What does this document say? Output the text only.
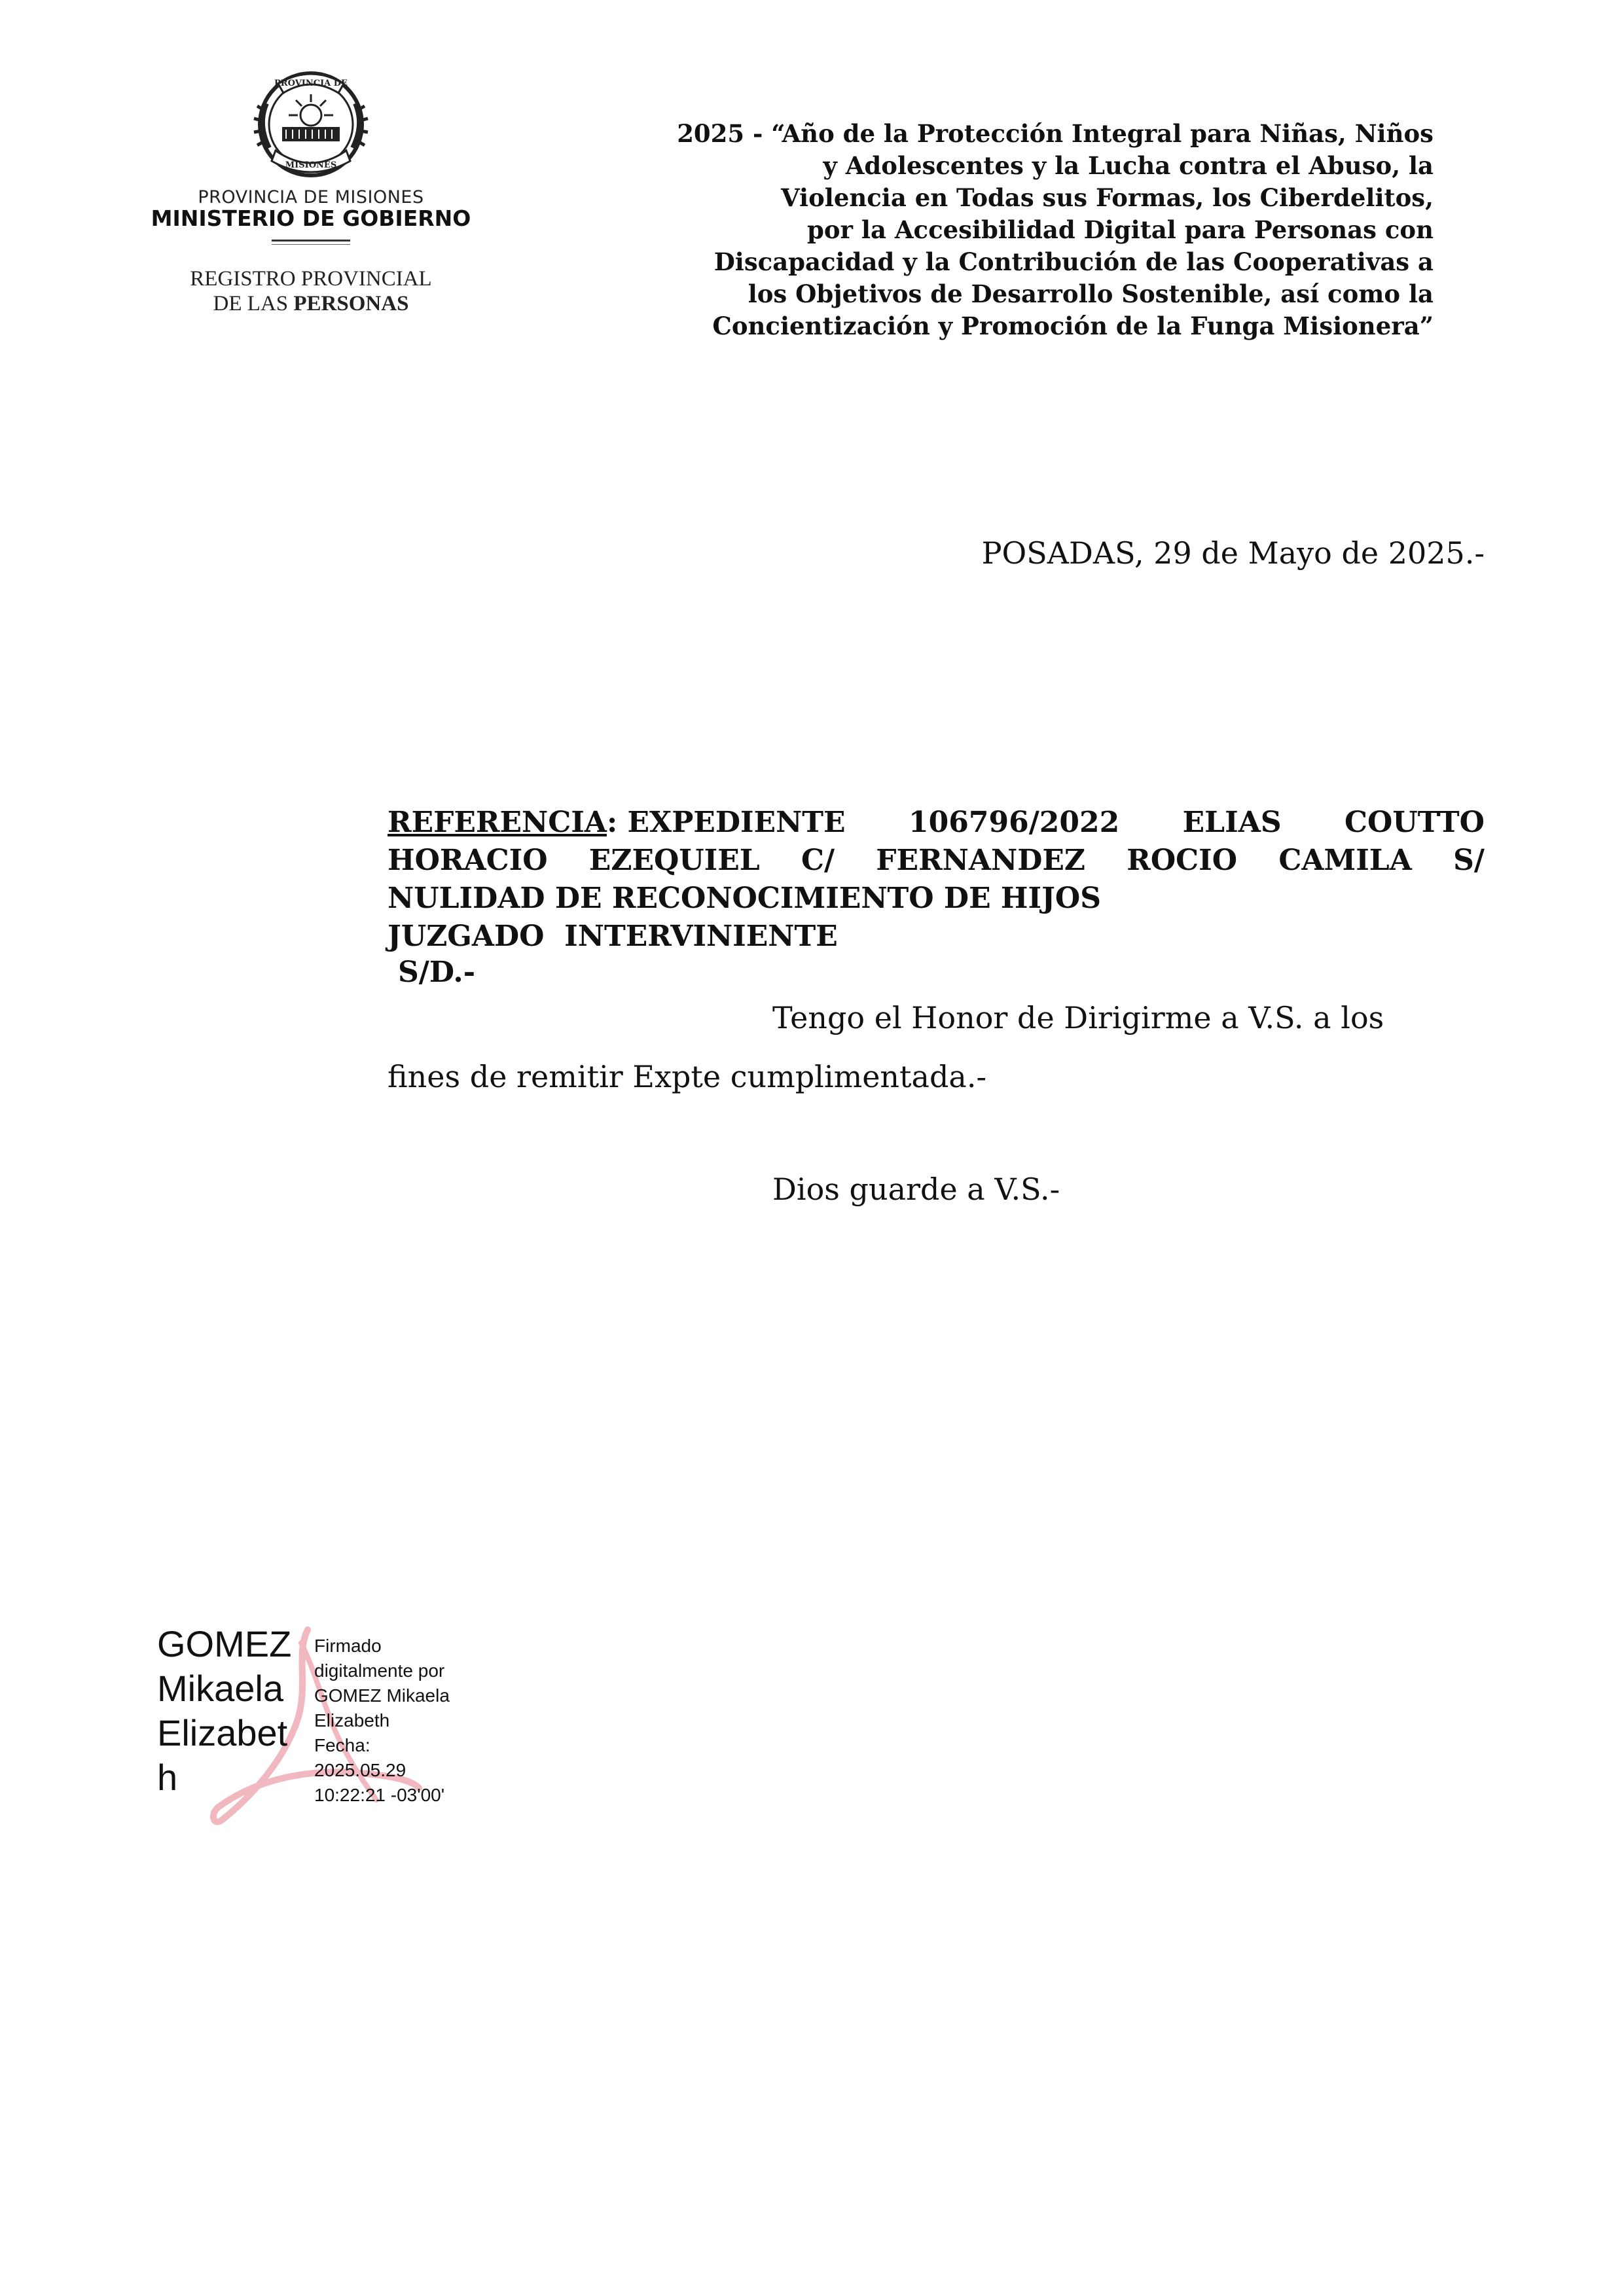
PROVINCIA DE
MISIONES
PROVINCIA DE MISIONES
MINISTERIO DE GOBIERNO
REGISTRO PROVINCIAL
DE LAS PERSONAS
2025 - “Año de la Protección Integral para Niñas, Niños
y Adolescentes y la Lucha contra el Abuso, la
Violencia en Todas sus Formas, los Ciberdelitos,
por la Accesibilidad Digital para Personas con
Discapacidad y la Contribución de las Cooperativas a
los Objetivos de Desarrollo Sostenible, así como la
Concientización y Promoción de la Funga Misionera”
POSADAS, 29 de Mayo de 2025.-
REFERENCIA: EXPEDIENTE 106796/2022 ELIAS COUTTO
HORACIO EZEQUIEL C/ FERNANDEZ ROCIO CAMILA S/
NULIDAD DE RECONOCIMIENTO DE HIJOS
JUZGADO  INTERVINIENTE
S/D.-
Tengo el Honor de Dirigirme a V.S. a los
fines de remitir Expte cumplimentada.-
Dios guarde a V.S.-
GOMEZ
Mikaela
Elizabet
h
Firmado
digitalmente por
GOMEZ Mikaela
Elizabeth
Fecha:
2025.05.29
10:22:21 -03'00'
